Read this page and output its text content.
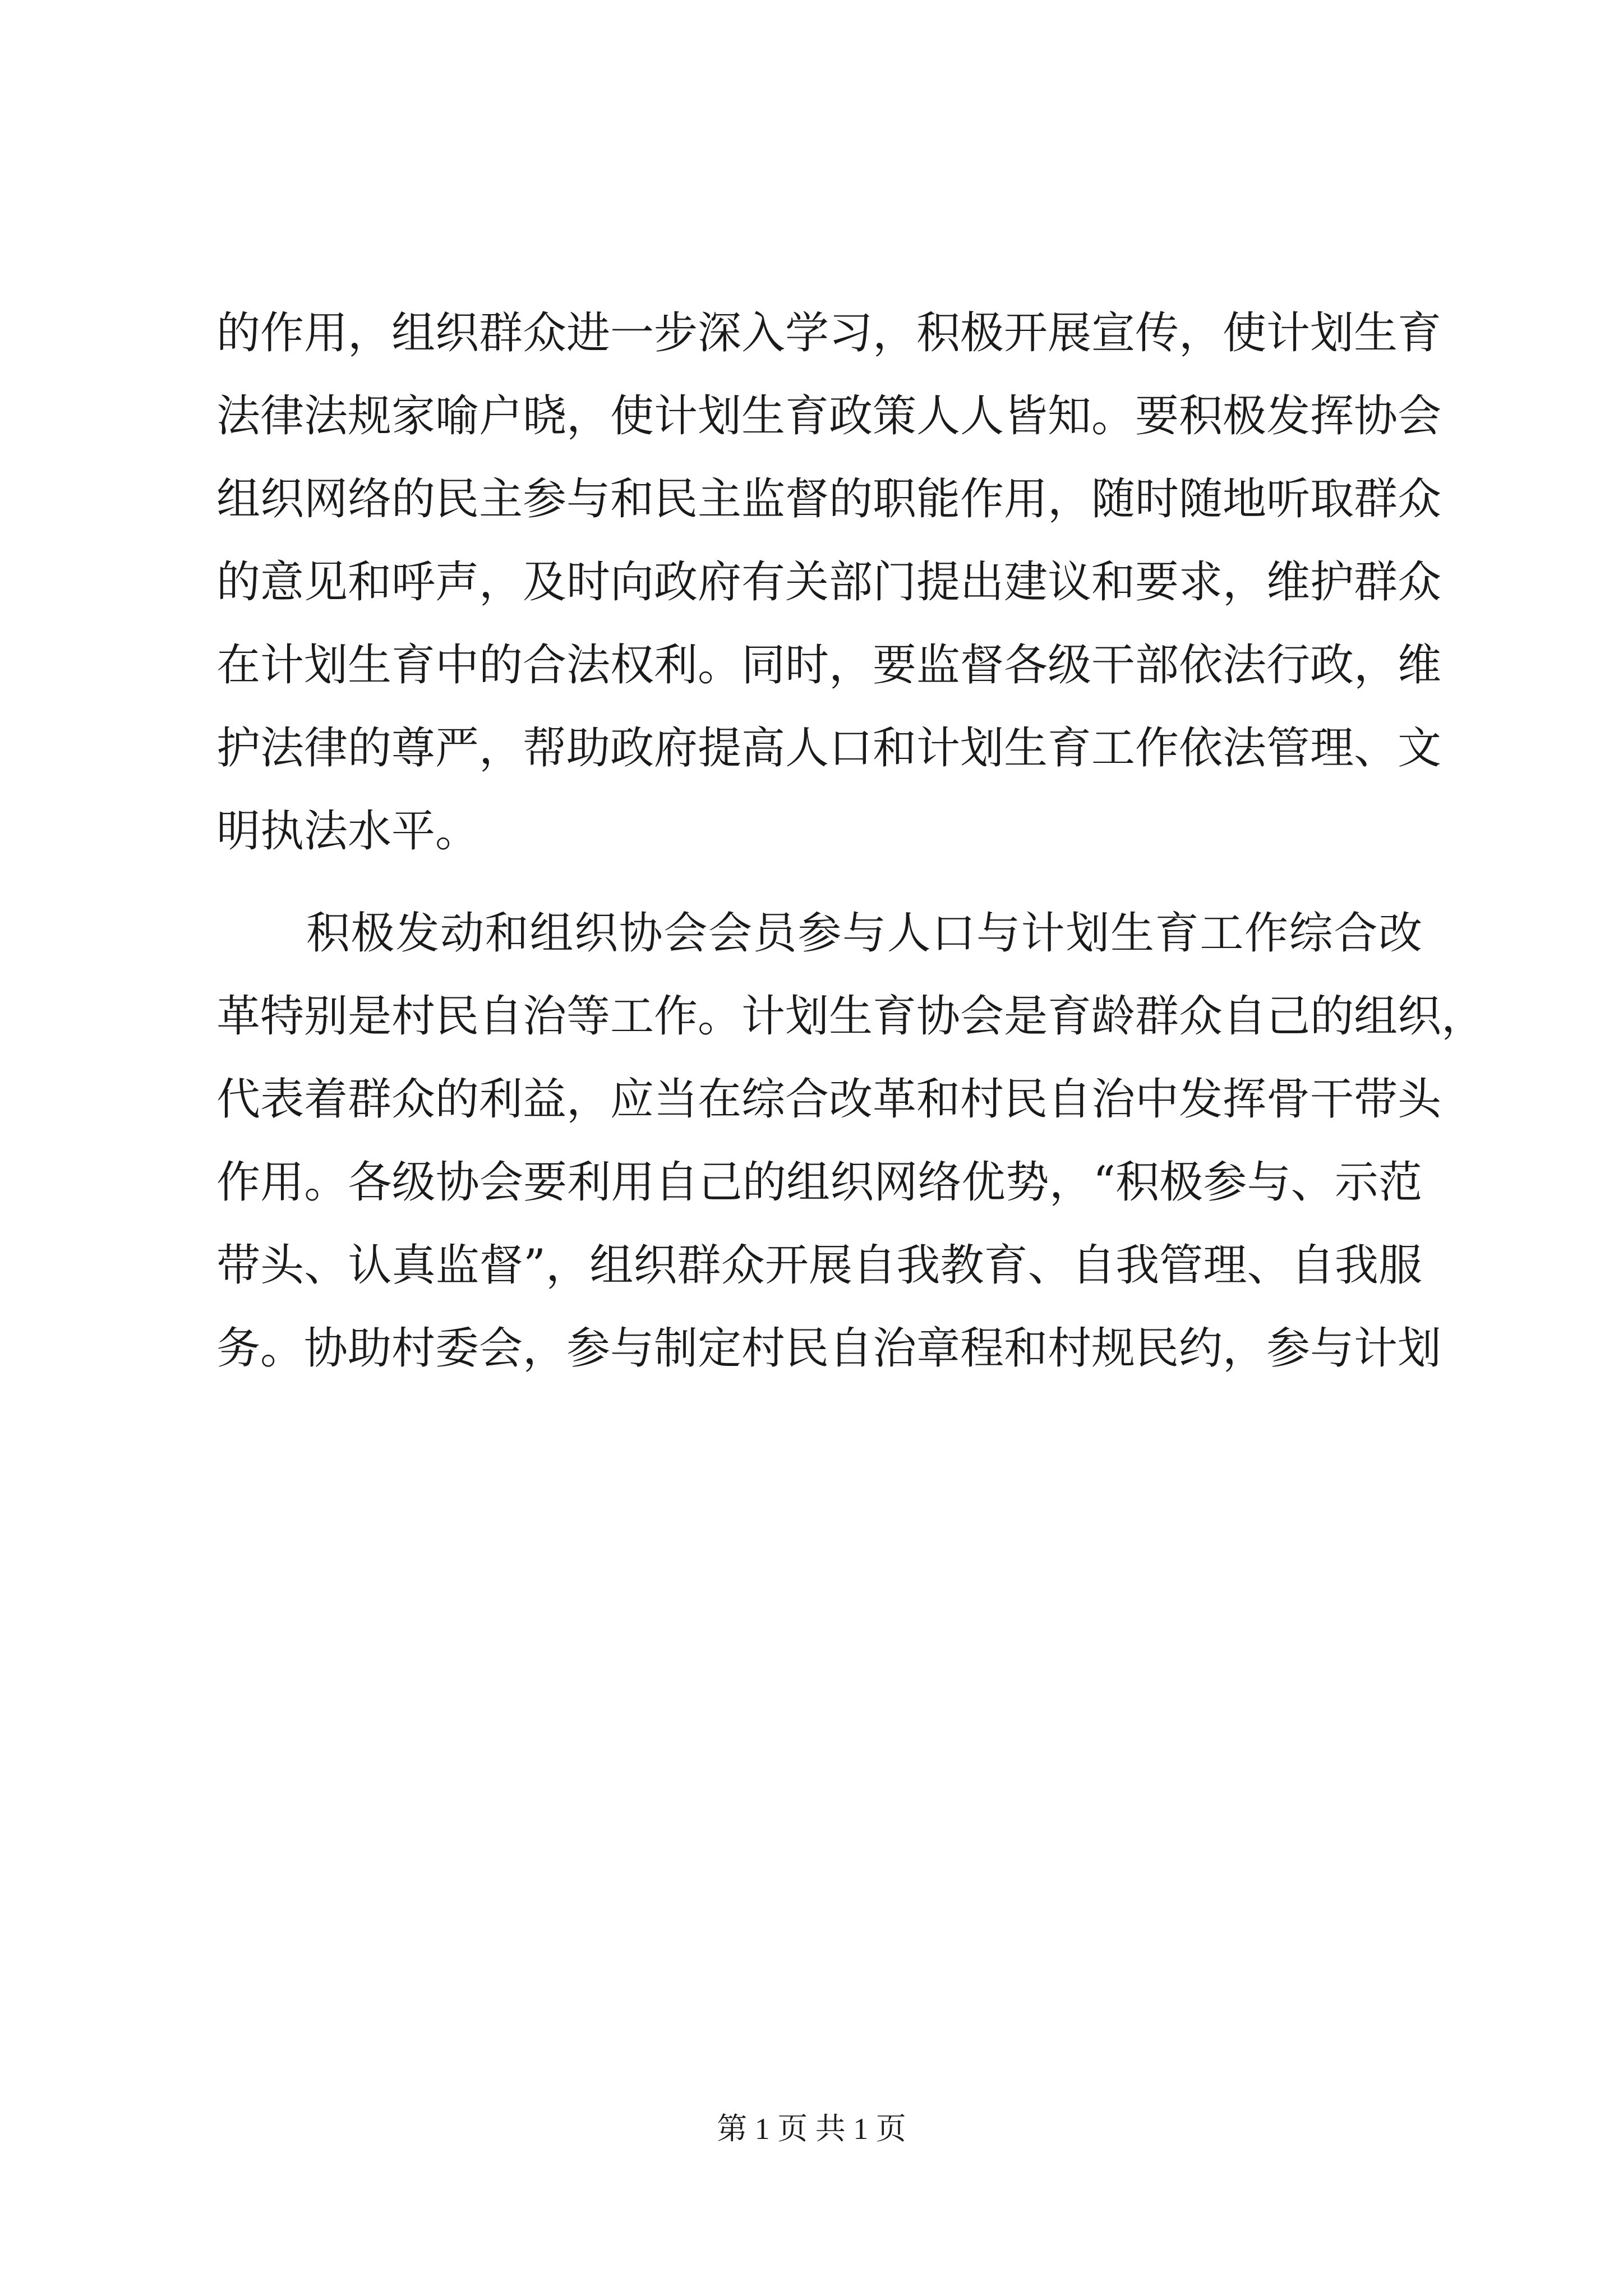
的作用，组织群众进一步深入学习，积极开展宣传，使计划生育
法律法规家喻户晓，使计划生育政策人人皆知。要积极发挥协会
组织网络的民主参与和民主监督的职能作用，随时随地听取群众
的意见和呼声，及时向政府有关部门提出建议和要求，维护群众
在计划生育中的合法权利。同时，要监督各级干部依法行政，维
护法律的尊严，帮助政府提高人口和计划生育工作依法管理、文
明执法水平。
积极发动和组织协会会员参与人口与计划生育工作综合改
革特别是村民自治等工作。计划生育协会是育龄群众自己的组织，
代表着群众的利益，应当在综合改革和村民自治中发挥骨干带头
作用。各级协会要利用自己的组织网络优势，“积极参与、示范
带头、认真监督”，组织群众开展自我教育、自我管理、自我服
务。协助村委会，参与制定村民自治章程和村规民约，参与计划
第 1 页 共 1 页
